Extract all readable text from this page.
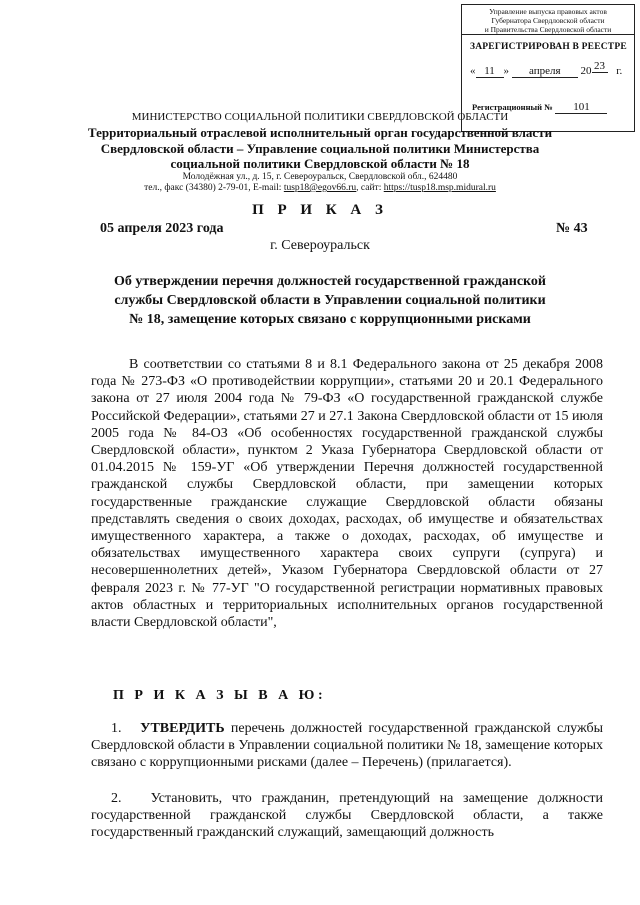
Управление выпуска правовых актов
Губернатора Свердловской области
и Правительства Свердловской области
ЗАРЕГИСТРИРОВАН В РЕЕСТРЕ
« 11 » апреля 20 23 г.
Регистрационный № 101
МИНИСТЕРСТВО СОЦИАЛЬНОЙ ПОЛИТИКИ СВЕРДЛОВСКОЙ ОБЛАСТИ
Территориальный отраслевой исполнительный орган государственной власти
Свердловской области – Управление социальной политики Министерства
социальной политики Свердловской области № 18
Молодёжная ул., д. 15, г. Североуральск, Свердловской обл., 624480
тел., факс (34380) 2-79-01, E-mail: tusp18@egov66.ru, сайт: https://tusp18.msp.midural.ru
П Р И К А З
05 апреля 2023 года	№ 43
г. Североуральск
Об утверждении перечня должностей государственной гражданской
службы Свердловской области в Управлении социальной политики
№ 18, замещение которых связано с коррупционными рисками
В соответствии со статьями 8 и 8.1 Федерального закона от 25 декабря 2008 года № 273-ФЗ «О противодействии коррупции», статьями 20 и 20.1 Федерального закона от 27 июля 2004 года № 79-ФЗ «О государственной гражданской службе Российской Федерации», статьями 27 и 27.1 Закона Свердловской области от 15 июля 2005 года № 84-ОЗ «Об особенностях государственной гражданской службы Свердловской области», пунктом 2 Указа Губернатора Свердловской области от 01.04.2015 № 159-УГ «Об утверждении Перечня должностей государственной гражданской службы Свердловской области, при замещении которых государственные гражданские служащие Свердловской области обязаны представлять сведения о своих доходах, расходах, об имуществе и обязательствах имущественного характера, а также о доходах, расходах, об имуществе и обязательствах имущественного характера своих супруги (супруга) и несовершеннолетних детей», Указом Губернатора Свердловской области от 27 февраля 2023 г. № 77-УГ "О государственной регистрации нормативных правовых актов областных и территориальных исполнительных органов государственной власти Свердловской области",
П Р И К А З Ы В А Ю:
1. УТВЕРДИТЬ перечень должностей государственной гражданской службы Свердловской области в Управлении социальной политики № 18, замещение которых связано с коррупционными рисками (далее – Перечень) (прилагается).
2. Установить, что гражданин, претендующий на замещение должности государственной гражданской службы Свердловской области, а также государственный гражданский служащий, замещающий должность
